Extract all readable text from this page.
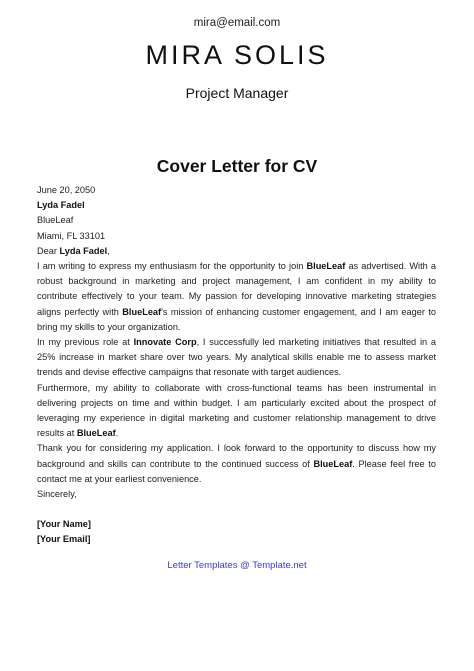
mira@email.com
MIRA SOLIS
Project Manager
Cover Letter for CV
June 20, 2050
Lyda Fadel
BlueLeaf
Miami, FL 33101
Dear Lyda Fadel,

I am writing to express my enthusiasm for the opportunity to join BlueLeaf as advertised. With a robust background in marketing and project management, I am confident in my ability to contribute effectively to your team. My passion for developing innovative marketing strategies aligns perfectly with BlueLeaf's mission of enhancing customer engagement, and I am eager to bring my skills to your organization.

In my previous role at Innovate Corp, I successfully led marketing initiatives that resulted in a 25% increase in market share over two years. My analytical skills enable me to assess market trends and devise effective campaigns that resonate with target audiences.

Furthermore, my ability to collaborate with cross-functional teams has been instrumental in delivering projects on time and within budget. I am particularly excited about the prospect of leveraging my experience in digital marketing and customer relationship management to drive results at BlueLeaf.

Thank you for considering my application. I look forward to the opportunity to discuss how my background and skills can contribute to the continued success of BlueLeaf. Please feel free to contact me at your earliest convenience.

Sincerely,
[Your Name]
[Your Email]
Letter Templates @ Template.net
